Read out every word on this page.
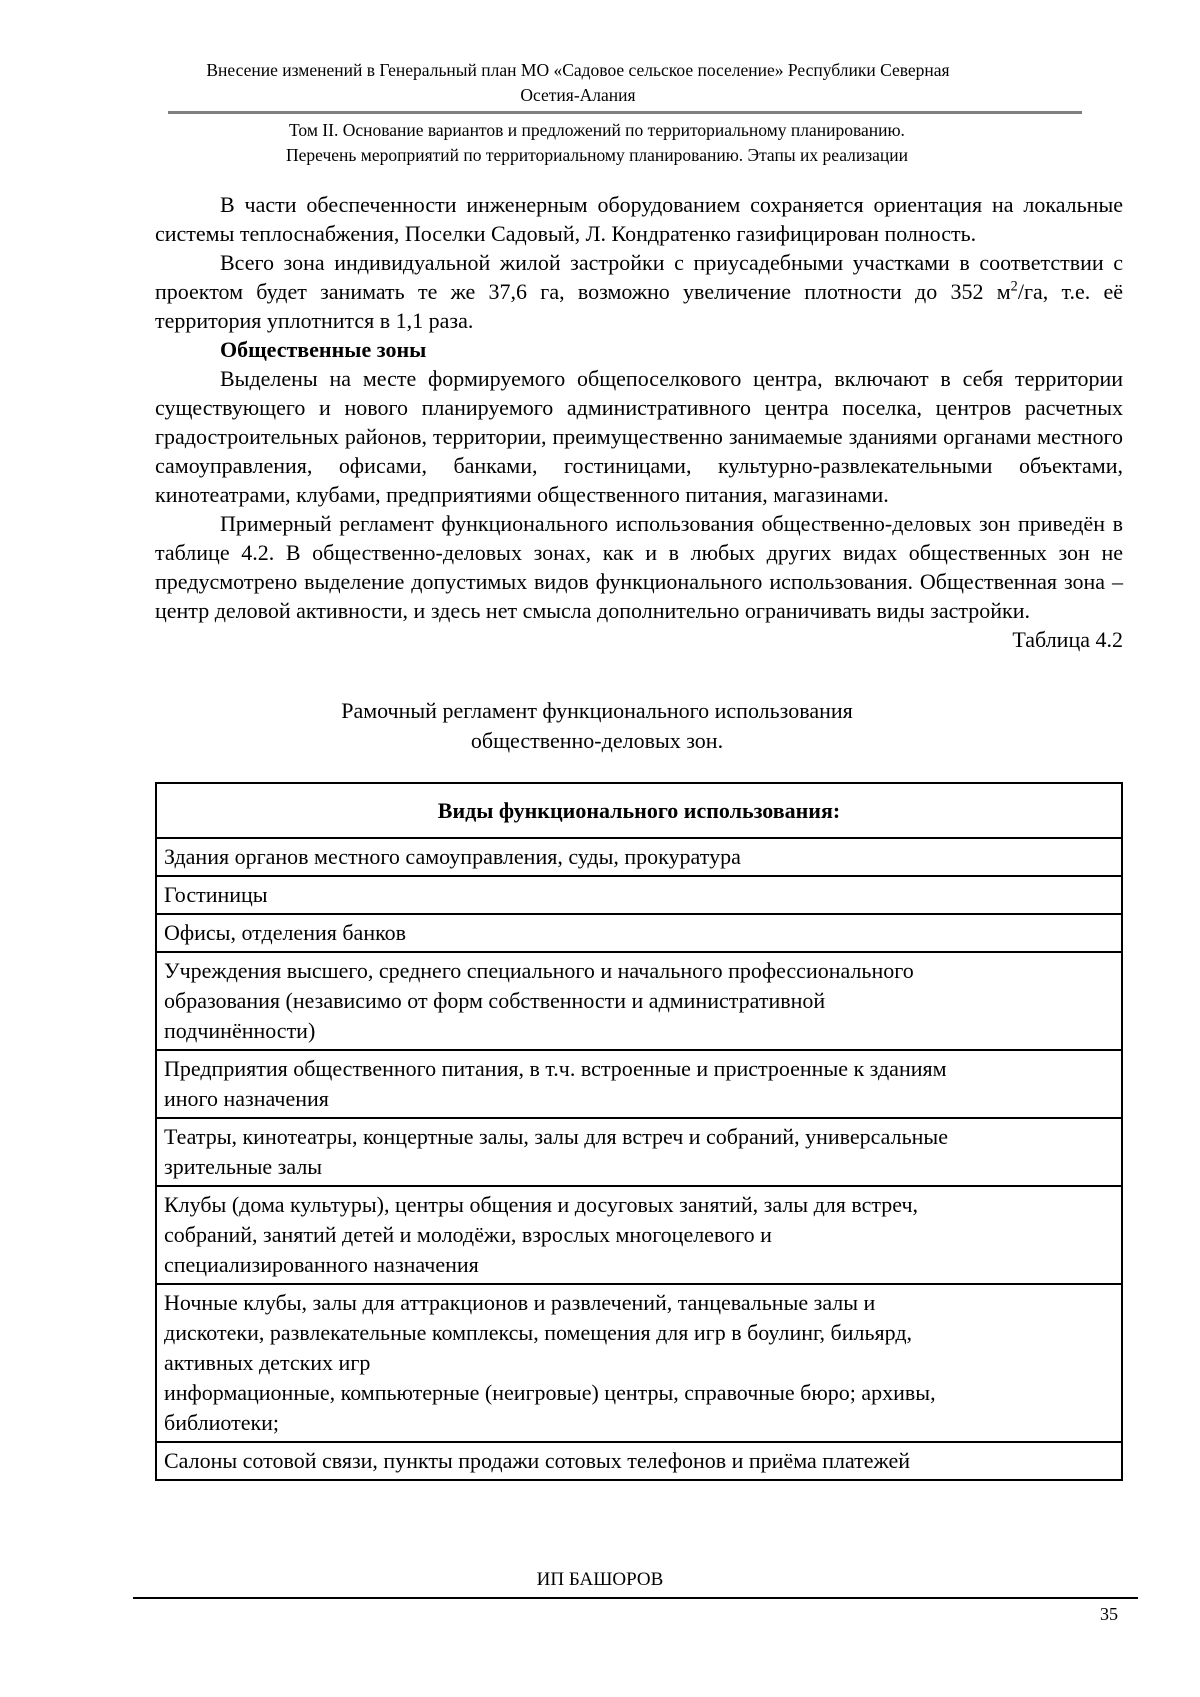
Внесение изменений в Генеральный план МО «Садовое сельское поселение» Республики Северная
Осетия-Алания
Том II. Основание вариантов и предложений по территориальному планированию.
Перечень мероприятий по территориальному планированию. Этапы их реализации

В части обеспеченности инженерным оборудованием сохраняется ориентация на локальные системы теплоснабжения, Поселки Садовый, Л. Кондратенко газифицирован полность.

Всего зона индивидуальной жилой застройки с приусадебными участками в соответствии с проектом будет занимать те же 37,6 га, возможно увеличение плотности до 352 $м^2/га$, т.е. её территория уплотнится в 1,1 раза.

Общественные зоны

Выделены на месте формируемого общепоселкового центра, включают в себя территории существующего и нового планируемого административного центра поселка, центров расчетных градостроительных районов, территории, преимущественно занимаемые зданиями органами местного самоуправления, офисами, банками, гостиницами, культурно-развлекательными объектами, кинотеатрами, клубами, предприятиями общественного питания, магазинами.

Примерный регламент функционального использования общественно-деловых зон приведён в таблице 4.2. В общественно-деловых зонах, как и в любых других видах общественных зон не предусмотрено выделение допустимых видов функционального использования. Общественная зона – центр деловой активности, и здесь нет смысла дополнительно ограничивать виды застройки.

Таблица 4.2

Рамочный регламент функционального использования
общественно-деловых зон.
Виды функционального использования:
Здания органов местного самоуправления, суды, прокуратура
Гостиницы
Офисы, отделения банков
Учреждения высшего, среднего специального и начального профессионального
образования (независимо от форм собственности и административной
подчинённости)
Предприятия общественного питания, в т.ч. встроенные и пристроенные к зданиям
иного назначения
Театры, кинотеатры, концертные залы, залы для встреч и собраний, универсальные
зрительные залы
Клубы (дома культуры), центры общения и досуговых занятий, залы для встреч,
собраний, занятий детей и молодёжи, взрослых многоцелевого и
специализированного назначения
Ночные клубы, залы для аттракционов и развлечений, танцевальные залы и
дискотеки, развлекательные комплексы, помещения для игр в боулинг, бильярд,
активных детских игр
информационные, компьютерные (неигровые) центры, справочные бюро; архивы,
библиотеки;
Салоны сотовой связи, пункты продажи сотовых телефонов и приёма платежей
ИП БАШОРОВ
35
